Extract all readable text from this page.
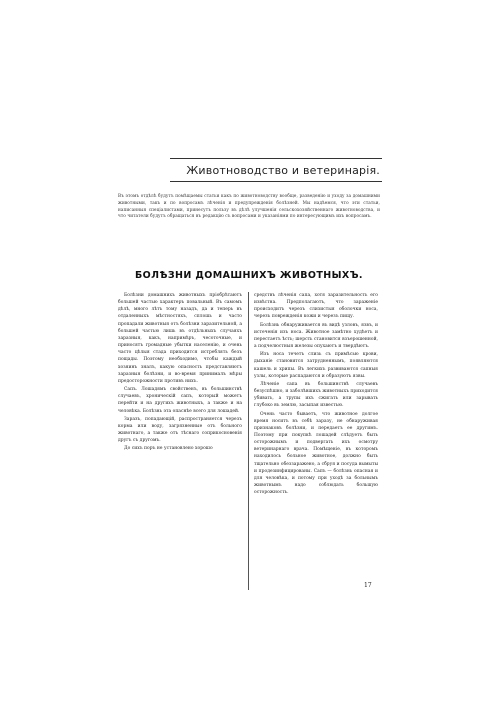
Животноводство и ветеринарія.
Въ этомъ отдѣлѣ будутъ помѣщаемы статьи какъ по животноводству вообще, разведенію и уходу за домашними животными, такъ и по вопросамъ лѣченія и предупрежденія болѣзней. Мы надѣемся, что эти статьи, написанныя спеціалистами, принесутъ пользу въ дѣлѣ улучшенія сельскохозяйственнаго животноводства, и что читатели будутъ обращаться въ редакцію съ вопросами и указаніями по интересующимъ ихъ вопросамъ.
БОЛѢЗНИ ДОМАШНИХЪ ЖИВОТНЫХЪ.

Болѣзни домашнихъ животныхъ пріобрѣтаютъ большей частью характеръ повальный. Въ самомъ дѣлѣ, много лѣтъ тому назадъ, да и теперь въ отдаленныхъ мѣстностяхъ, сплошь и часто пропадали животныя отъ болѣзни заразительной, а большей частью лишь въ отдѣльныхъ случаяхъ заразныя, какъ, напримѣръ, чесоточные, и приносятъ громадные убытки населенію, и очень часто цѣлыя стада приходится истреблять безъ пощады. Поэтому необходимо, чтобы каждый хозяинъ зналъ, какую опасность представляютъ заразныя болѣзни, и во-время принималъ мѣры предосторожности противъ нихъ.

Сапъ. Лошадямъ свойственъ, въ большинствѣ случаевъ, хроническій сапъ, который можетъ перейти и на другихъ животныхъ, а также и на человѣка. Болѣзнь эта опаснѣе всего для лошадей.

Заразъ, попадающій, распространяется черезъ корма или воду, загрязненные отъ больного животнаго, а также отъ тѣснаго соприкосновенія другъ съ другомъ.

До сихъ поръ не установлено хорошо

средствъ лѣченія сапа, хотя заразительность его извѣстна. Предполагаютъ, что зараженіе происходитъ черезъ слизистыя оболочки носа, черезъ поврежденія кожи и черезъ пищу.

Болѣзнь обнаруживается въ видѣ узловъ, язвъ, и истеченія изъ носа. Животное замѣтно худѣетъ и перестаетъ ѣсть; шерсть становится взъерошенной, а подчелюстныя железы опухаютъ и твердѣютъ.

Изъ носа течетъ слизь съ примѣсью крови, дыханіе становится затрудненнымъ, появляются кашель и хрипы. Въ легкихъ развиваются сапныя узлы, которые распадаются и образуютъ язвы.

Лѣченіе сапа въ большинствѣ случаевъ безуспѣшно, и заболѣвшихъ животныхъ приходится убивать, а трупы ихъ сжигать или зарывать глубоко въ землю, засыпая известью.

Очень часто бываетъ, что животное долгое время носитъ въ себѣ заразу, не обнаруживая признаковъ болѣзни, и передаетъ ее другимъ. Поэтому при покупкѣ лошадей слѣдуетъ быть осторожнымъ и подвергать ихъ осмотру ветеринарнаго врача. Помѣщеніе, въ которомъ находилось больное животное, должно быть тщательно обеззаражено, а сбруя и посуда вымыты и продезинфицированы. Сапъ — болѣзнь опасная и для человѣка, и потому при уходѣ за больнымъ животнымъ надо соблюдать большую осторожность.

17
